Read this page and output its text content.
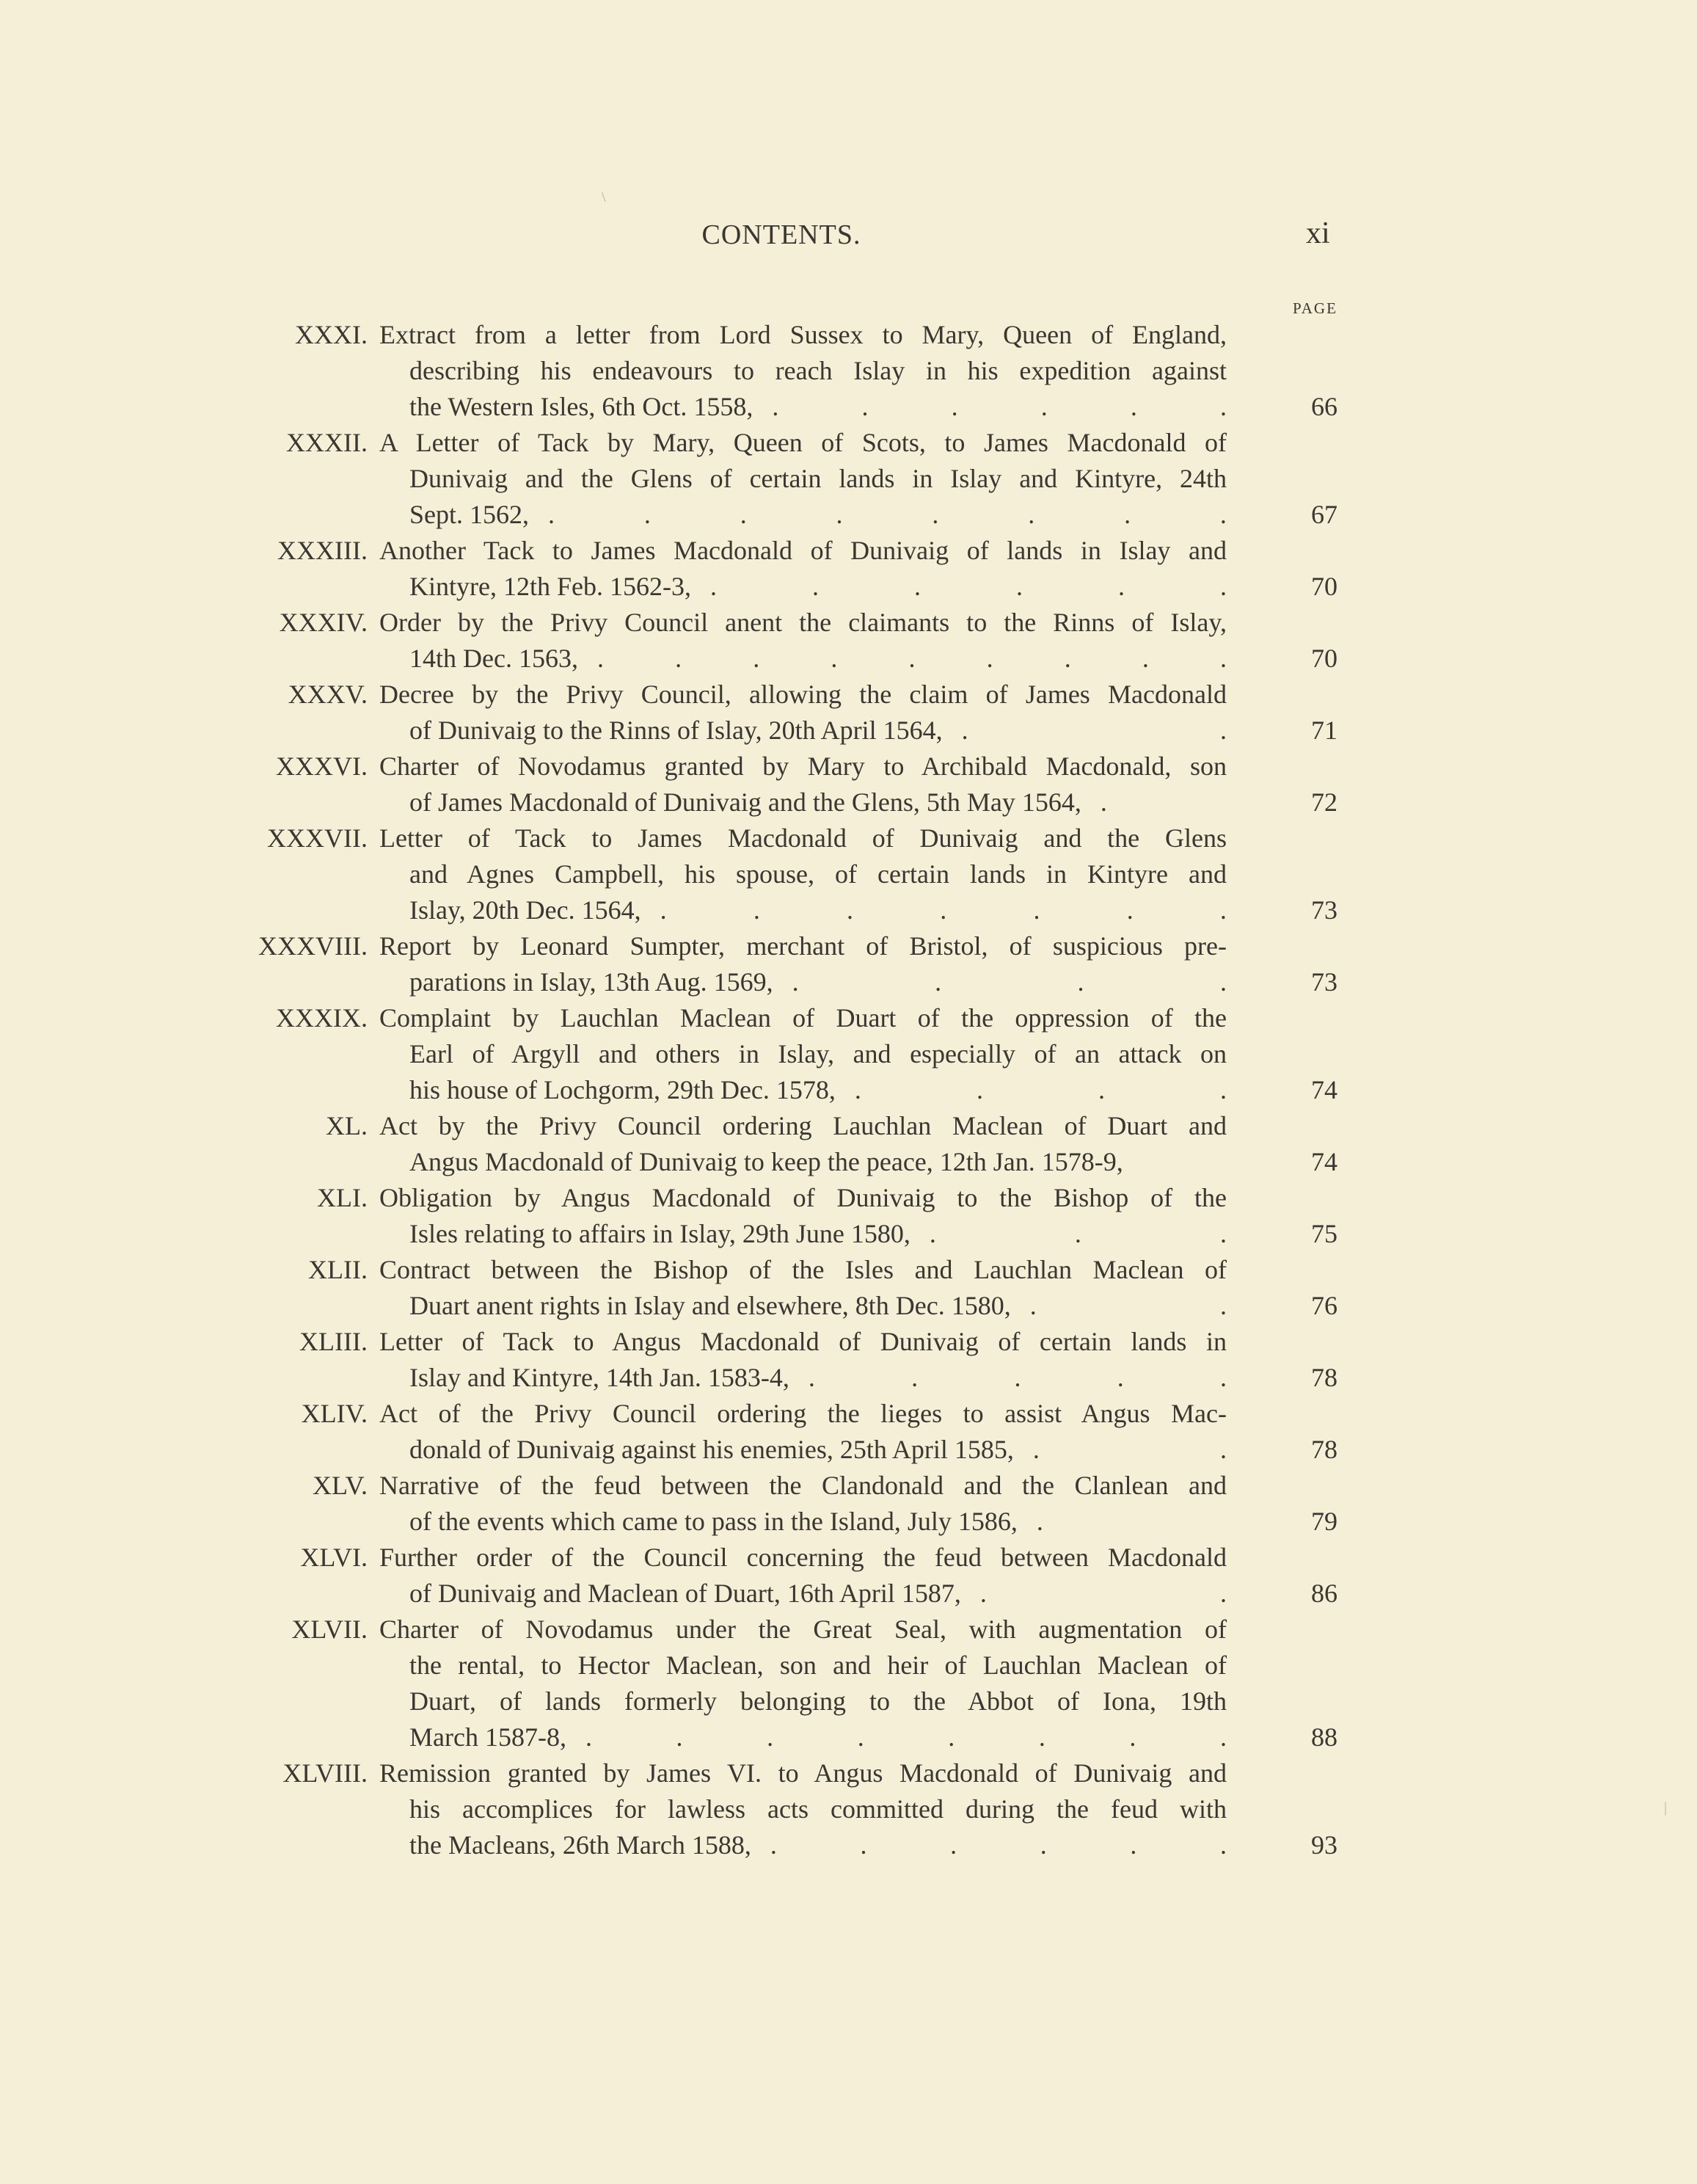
CONTENTS.	xi
PAGE
\
|
XXXI. Extract from a letter from Lord Sussex to Mary, Queen of England,
describing his endeavours to reach Islay in his expedition against
the Western Isles, 6th Oct. 1558,	66
.	.	.	.	.	.
XXXII. A Letter of Tack by Mary, Queen of Scots, to James Macdonald of
Dunivaig and the Glens of certain lands in Islay and Kintyre, 24th
Sept. 1562,	67
.	.	.	.	.	.	.	.
XXXIII. Another Tack to James Macdonald of Dunivaig of lands in Islay and
Kintyre, 12th Feb. 1562-3,	70
.	.	.	.	.	.
XXXIV. Order by the Privy Council anent the claimants to the Rinns of Islay,
14th Dec. 1563,	70
.	.	.	.	.	.	.	.	.
XXXV. Decree by the Privy Council, allowing the claim of James Macdonald
of Dunivaig to the Rinns of Islay, 20th April 1564,	71
.	.
XXXVI. Charter of Novodamus granted by Mary to Archibald Macdonald, son
of James Macdonald of Dunivaig and the Glens, 5th May 1564,	72
.
XXXVII. Letter of Tack to James Macdonald of Dunivaig and the Glens
and Agnes Campbell, his spouse, of certain lands in Kintyre and
Islay, 20th Dec. 1564,	73
.	.	.	.	.	.	.
XXXVIII. Report by Leonard Sumpter, merchant of Bristol, of suspicious pre-
parations in Islay, 13th Aug. 1569,	73
.	.	.	.
XXXIX. Complaint by Lauchlan Maclean of Duart of the oppression of the
Earl of Argyll and others in Islay, and especially of an attack on
his house of Lochgorm, 29th Dec. 1578,	74
.	.	.	.
XL. Act by the Privy Council ordering Lauchlan Maclean of Duart and
Angus Macdonald of Dunivaig to keep the peace, 12th Jan. 1578-9,	74
XLI. Obligation by Angus Macdonald of Dunivaig to the Bishop of the
Isles relating to affairs in Islay, 29th June 1580,	75
.	.	.
XLII. Contract between the Bishop of the Isles and Lauchlan Maclean of
Duart anent rights in Islay and elsewhere, 8th Dec. 1580,	76
.	.
XLIII. Letter of Tack to Angus Macdonald of Dunivaig of certain lands in
Islay and Kintyre, 14th Jan. 1583-4,	78
.	.	.	.	.
XLIV. Act of the Privy Council ordering the lieges to assist Angus Mac-
donald of Dunivaig against his enemies, 25th April 1585,	78
.	.
XLV. Narrative of the feud between the Clandonald and the Clanlean and
of the events which came to pass in the Island, July 1586,	79
.
XLVI. Further order of the Council concerning the feud between Macdonald
of Dunivaig and Maclean of Duart, 16th April 1587,	86
.	.
XLVII. Charter of Novodamus under the Great Seal, with augmentation of
the rental, to Hector Maclean, son and heir of Lauchlan Maclean of
Duart, of lands formerly belonging to the Abbot of Iona, 19th
March 1587-8,	88
.	.	.	.	.	.	.	.
XLVIII. Remission granted by James VI. to Angus Macdonald of Dunivaig and
his accomplices for lawless acts committed during the feud with
the Macleans, 26th March 1588,	93
.	.	.	.	.	.
